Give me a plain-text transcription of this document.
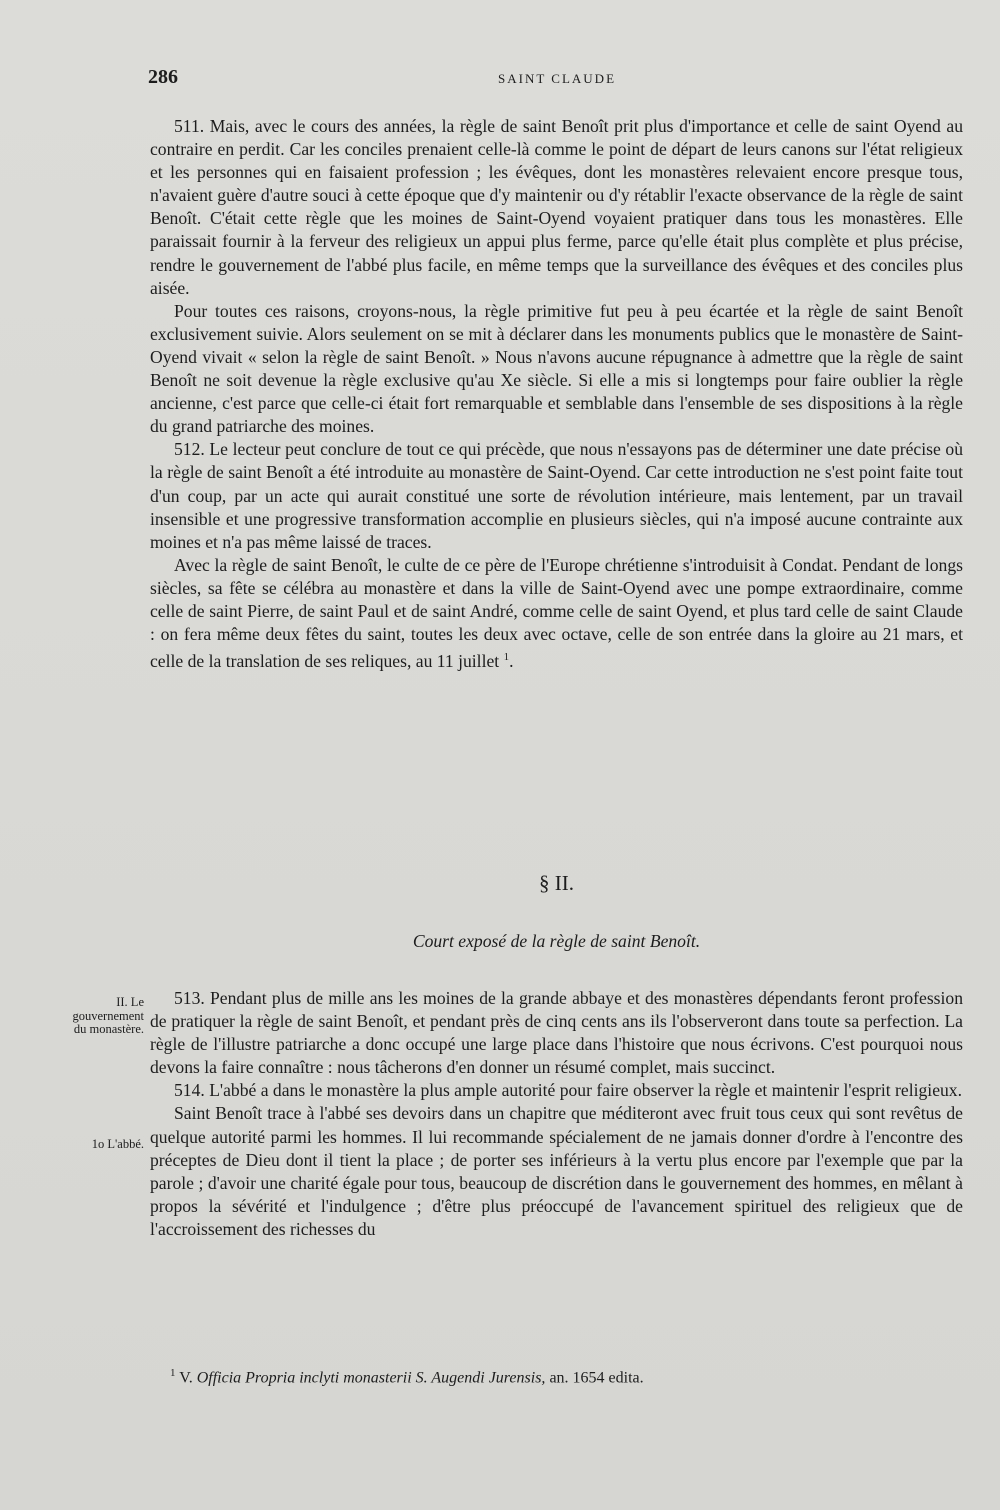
286	SAINT CLAUDE

511. Mais, avec le cours des années, la règle de saint Benoît prit plus d'importance et celle de saint Oyend au contraire en perdit. Car les conciles prenaient celle-là comme le point de départ de leurs canons sur l'état religieux et les personnes qui en faisaient profession ; les évêques, dont les monastères relevaient encore presque tous, n'avaient guère d'autre souci à cette époque que d'y maintenir ou d'y rétablir l'exacte observance de la règle de saint Benoît. C'était cette règle que les moines de Saint-Oyend voyaient pratiquer dans tous les monastères. Elle paraissait fournir à la ferveur des religieux un appui plus ferme, parce qu'elle était plus complète et plus précise, rendre le gouvernement de l'abbé plus facile, en même temps que la surveillance des évêques et des conciles plus aisée.

Pour toutes ces raisons, croyons-nous, la règle primitive fut peu à peu écartée et la règle de saint Benoît exclusivement suivie. Alors seulement on se mit à déclarer dans les monuments publics que le monastère de Saint-Oyend vivait « selon la règle de saint Benoît. » Nous n'avons aucune répugnance à admettre que la règle de saint Benoît ne soit devenue la règle exclusive qu'au Xe siècle. Si elle a mis si longtemps pour faire oublier la règle ancienne, c'est parce que celle-ci était fort remarquable et semblable dans l'ensemble de ses dispositions à la règle du grand patriarche des moines.

512. Le lecteur peut conclure de tout ce qui précède, que nous n'essayons pas de déterminer une date précise où la règle de saint Benoît a été introduite au monastère de Saint-Oyend. Car cette introduction ne s'est point faite tout d'un coup, par un acte qui aurait constitué une sorte de révolution intérieure, mais lentement, par un travail insensible et une progressive transformation accomplie en plusieurs siècles, qui n'a imposé aucune contrainte aux moines et n'a pas même laissé de traces.

Avec la règle de saint Benoît, le culte de ce père de l'Europe chrétienne s'introduisit à Condat. Pendant de longs siècles, sa fête se célébra au monastère et dans la ville de Saint-Oyend avec une pompe extraordinaire, comme celle de saint Pierre, de saint Paul et de saint André, comme celle de saint Oyend, et plus tard celle de saint Claude : on fera même deux fêtes du saint, toutes les deux avec octave, celle de son entrée dans la gloire au 21 mars, et celle de la translation de ses reliques, au 11 juillet $^1$.

§ II.
Court exposé de la règle de saint Benoît.
II. Le gouvernement du monastère.
1o L'abbé.

513. Pendant plus de mille ans les moines de la grande abbaye et des monastères dépendants feront profession de pratiquer la règle de saint Benoît, et pendant près de cinq cents ans ils l'observeront dans toute sa perfection. La règle de l'illustre patriarche a donc occupé une large place dans l'histoire que nous écrivons. C'est pourquoi nous devons la faire connaître : nous tâcherons d'en donner un résumé complet, mais succinct.

514. L'abbé a dans le monastère la plus ample autorité pour faire observer la règle et maintenir l'esprit religieux.

Saint Benoît trace à l'abbé ses devoirs dans un chapitre que méditeront avec fruit tous ceux qui sont revêtus de quelque autorité parmi les hommes. Il lui recommande spécialement de ne jamais donner d'ordre à l'encontre des préceptes de Dieu dont il tient la place ; de porter ses inférieurs à la vertu plus encore par l'exemple que par la parole ; d'avoir une charité égale pour tous, beaucoup de discrétion dans le gouvernement des hommes, en mêlant à propos la sévérité et l'indulgence ; d'être plus préoccupé de l'avancement spirituel des religieux que de l'accroissement des richesses du

$^1$ V. Officia Propria inclyti monasterii S. Augendi Jurensis, an. 1654 edita.
